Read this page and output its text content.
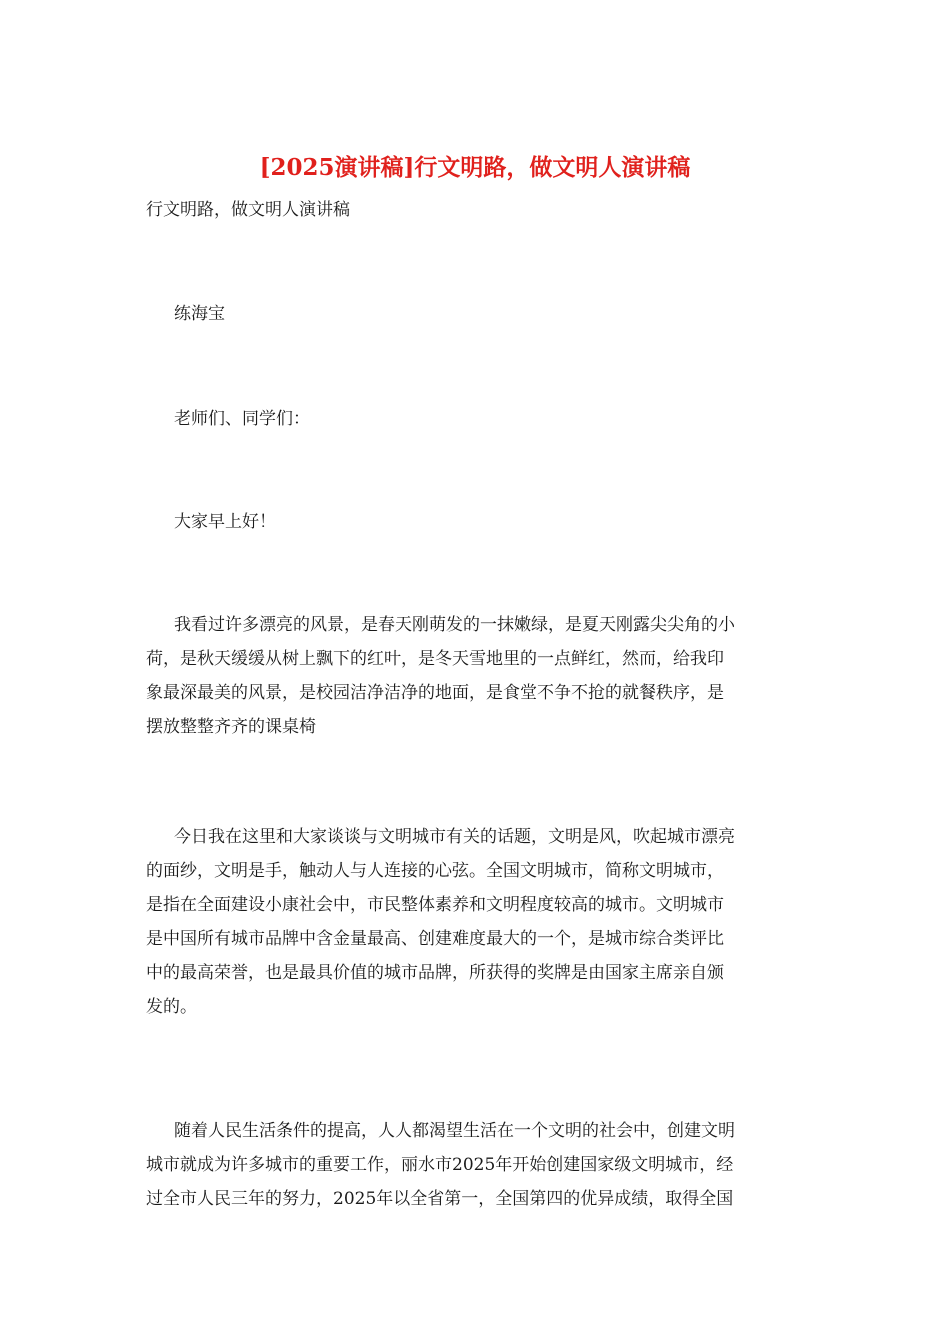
[2025演讲稿]行文明路，做文明人演讲稿
行文明路，做文明人演讲稿
练海宝
老师们、同学们：
大家早上好！
我看过许多漂亮的风景，是春天刚萌发的一抹嫩绿，是夏天刚露尖尖角的小
荷，是秋天缓缓从树上飘下的红叶，是冬天雪地里的一点鲜红，然而，给我印
象最深最美的风景，是校园洁净洁净的地面，是食堂不争不抢的就餐秩序，是
摆放整整齐齐的课桌椅
今日我在这里和大家谈谈与文明城市有关的话题，文明是风，吹起城市漂亮
的面纱，文明是手，触动人与人连接的心弦。全国文明城市，简称文明城市，
是指在全面建设小康社会中，市民整体素养和文明程度较高的城市。文明城市
是中国所有城市品牌中含金量最高、创建难度最大的一个，是城市综合类评比
中的最高荣誉，也是最具价值的城市品牌，所获得的奖牌是由国家主席亲自颁
发的。
随着人民生活条件的提高，人人都渴望生活在一个文明的社会中，创建文明
城市就成为许多城市的重要工作，丽水市2025年开始创建国家级文明城市，经
过全市人民三年的努力，2025年以全省第一，全国第四的优异成绩，取得全国
